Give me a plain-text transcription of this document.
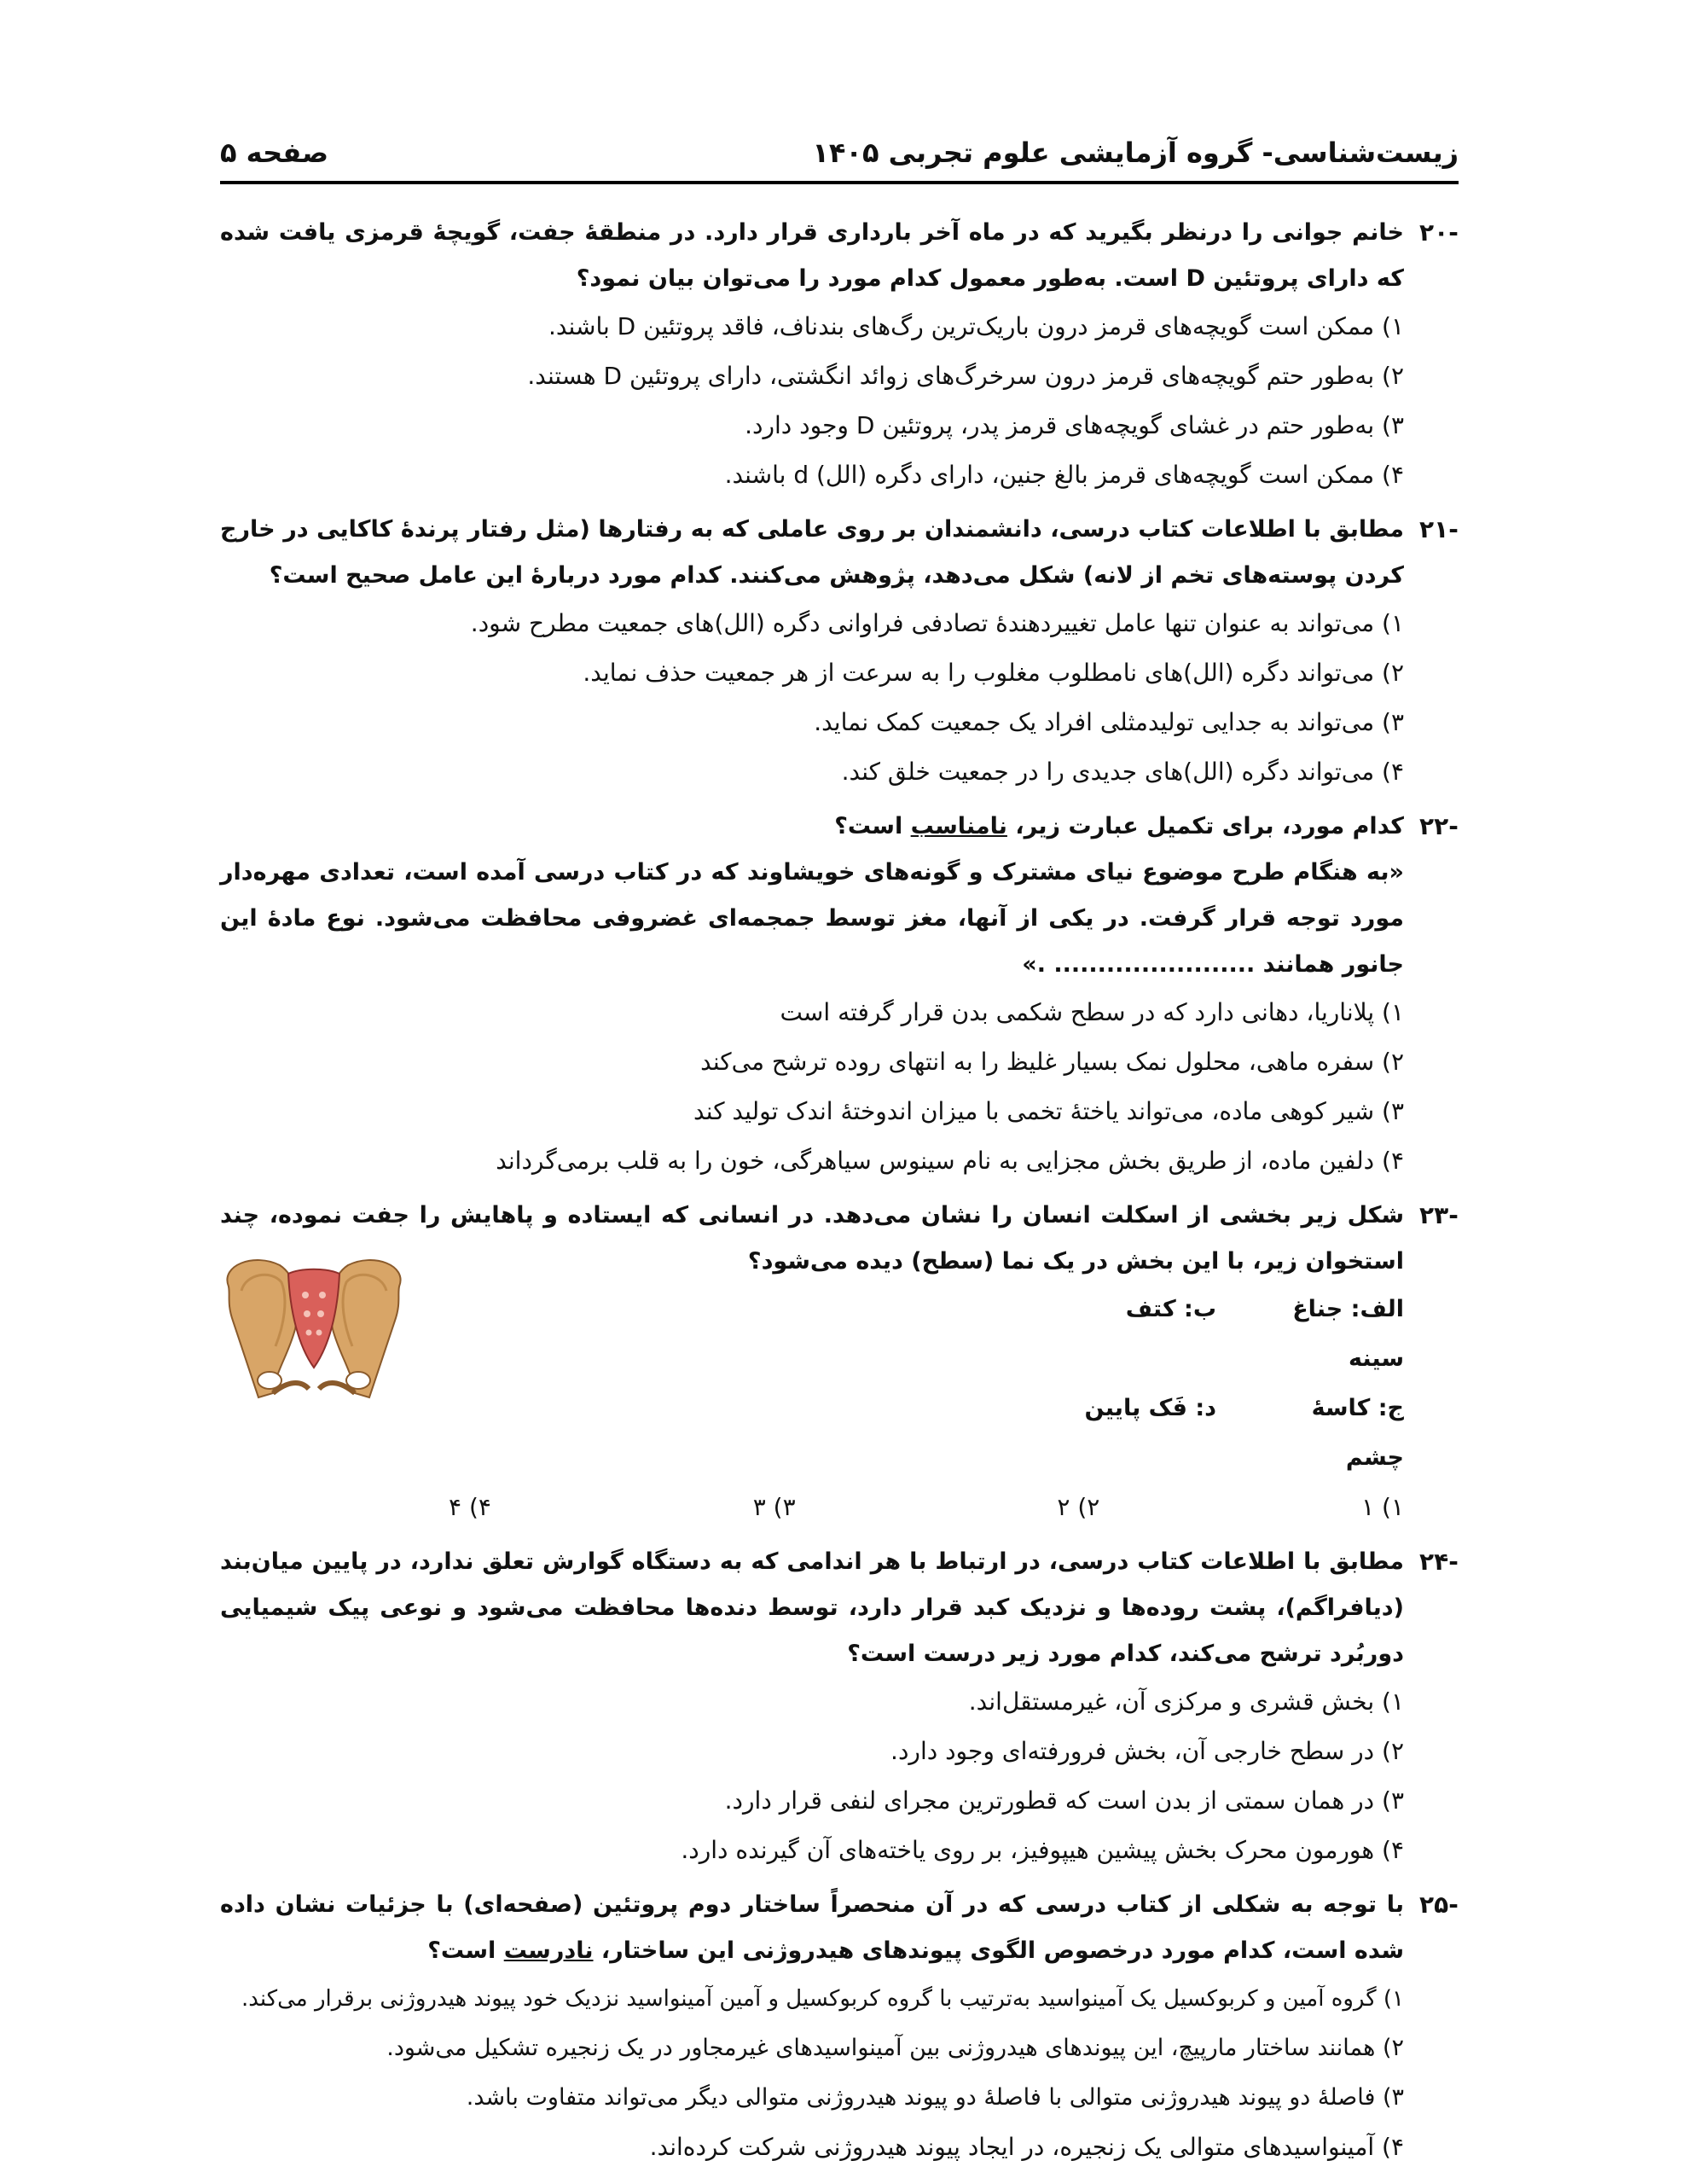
زیست‌شناسی- گروه آزمایشی علوم تجربی ۱۴۰۵
صفحه ۵
-۲۰

خانم جوانی را درنظر بگیرید که در ماه آخر بارداری قرار دارد. در منطقهٔ جفت، گویچهٔ قرمزی یافت شده که دارای پروتئین D است. به‌طور معمول کدام مورد را می‌توان بیان نمود؟

۱) ممکن است گویچه‌های قرمز درون باریک‌ترین رگ‌های بندناف، فاقد پروتئین D باشند.
۲) به‌طور حتم گویچه‌های قرمز درون سرخرگ‌های زوائد انگشتی، دارای پروتئین D هستند.
۳) به‌طور حتم در غشای گویچه‌های قرمز پدر، پروتئین D وجود دارد.
۴) ممکن است گویچه‌های قرمز بالغ جنین، دارای دگره (الل) d باشند.
-۲۱

مطابق با اطلاعات کتاب درسی، دانشمندان بر روی عاملی که به رفتارها (مثل رفتار پرندهٔ کاکایی در خارج کردن پوسته‌های تخم از لانه) شکل می‌دهد، پژوهش می‌کنند. کدام مورد دربارهٔ این عامل صحیح است؟

۱) می‌تواند به عنوان تنها عامل تغییردهندهٔ تصادفی فراوانی دگره (الل)های جمعیت مطرح شود.
۲) می‌تواند دگره (الل)های نامطلوب مغلوب را به سرعت از هر جمعیت حذف نماید.
۳) می‌تواند به جدایی تولیدمثلی افراد یک جمعیت کمک نماید.
۴) می‌تواند دگره (الل)های جدیدی را در جمعیت خلق کند.
-۲۲

کدام مورد، برای تکمیل عبارت زیر، نامناسب است؟

«به هنگام طرح موضوع نیای مشترک و گونه‌های خویشاوند که در کتاب درسی آمده است، تعدادی مهره‌دار مورد توجه قرار گرفت. در یکی از آنها، مغز توسط جمجمه‌ای غضروفی محافظت می‌شود. نوع مادهٔ این جانور همانند ....................... .»

۱) پلاناریا، دهانی دارد که در سطح شکمی بدن قرار گرفته است
۲) سفره ماهی، محلول نمک بسیار غلیظ را به انتهای روده ترشح می‌کند
۳) شیر کوهی ماده، می‌تواند یاختهٔ تخمی با میزان اندوختهٔ اندک تولید کند
۴) دلفین ماده، از طریق بخش مجزایی به نام سینوس سیاهرگی، خون را به قلب برمی‌گرداند
-۲۳

شکل زیر بخشی از اسکلت انسان را نشان می‌دهد. در انسانی که ایستاده و پاهایش را جفت نموده، چند استخوان زیر، با این بخش در یک نما (سطح) دیده می‌شود؟

الف: جناغ سینه
ب: کتف
ج: کاسهٔ چشم
د: فَک پایین
۱) ۱
۲) ۲
۳) ۳
۴) ۴
-۲۴

مطابق با اطلاعات کتاب درسی، در ارتباط با هر اندامی که به دستگاه گوارش تعلق ندارد، در پایین میان‌بند (دیافراگم)، پشت روده‌ها و نزدیک کبد قرار دارد، توسط دنده‌ها محافظت می‌شود و نوعی پیک شیمیایی دوربُرد ترشح می‌کند، کدام مورد زیر درست است؟

۱) بخش قشری و مرکزی آن، غیرمستقل‌اند.
۲) در سطح خارجی آن، بخش فرورفته‌ای وجود دارد.
۳) در همان سمتی از بدن است که قطورترین مجرای لنفی قرار دارد.
۴) هورمون محرک بخش پیشین هیپوفیز، بر روی یاخته‌های آن گیرنده دارد.
-۲۵

با توجه به شکلی از کتاب درسی که در آن منحصراً ساختار دوم پروتئین (صفحه‌ای) با جزئیات نشان داده شده است، کدام مورد درخصوص الگوی پیوندهای هیدروژنی این ساختار، نادرست است؟

۱) گروه آمین و کربوکسیل یک آمینواسید به‌ترتیب با گروه کربوکسیل و آمین آمینواسید نزدیک خود پیوند هیدروژنی برقرار می‌کند.
۲) همانند ساختار مارپیچ، این پیوندهای هیدروژنی بین آمینواسیدهای غیرمجاور در یک زنجیره تشکیل می‌شود.
۳) فاصلهٔ دو پیوند هیدروژنی متوالی با فاصلهٔ دو پیوند هیدروژنی متوالی دیگر می‌تواند متفاوت باشد.
۴) آمینواسیدهای متوالی یک زنجیره، در ایجاد پیوند هیدروژنی شرکت کرده‌اند.
